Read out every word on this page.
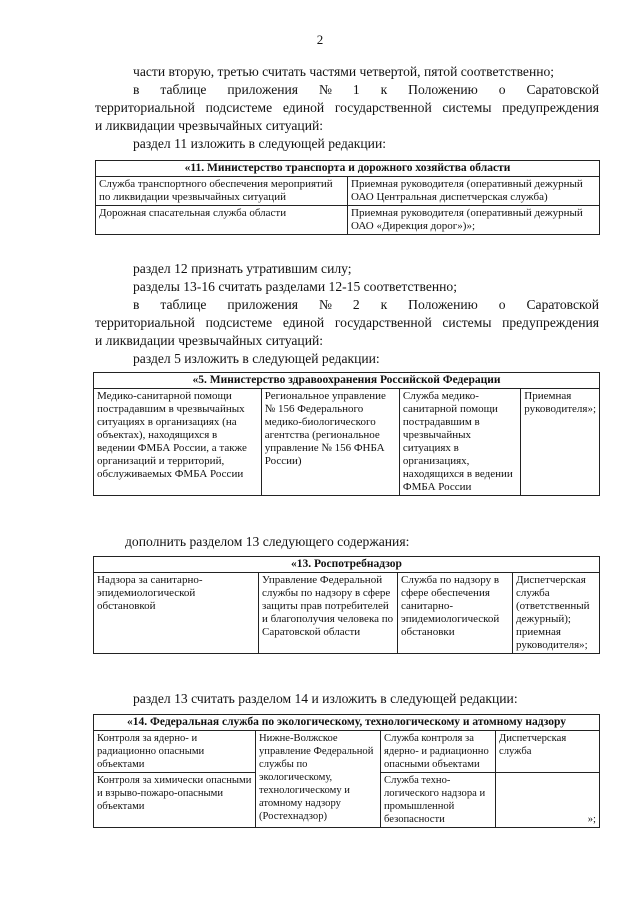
2

части вторую, третью считать частями четвертой, пятой соответственно;

в таблице приложения № 1 к Положению о Саратовской

территориальной подсистеме единой государственной системы предупреждения

и ликвидации чрезвычайных ситуаций:

раздел 11 изложить в следующей редакции:

«11. Министерство транспорта и дорожного хозяйства области	
Служба транспортного обеспечения мероприятий по ликвидации чрезвычайных ситуаций	Приемная руководителя (оперативный дежурный ОАО Центральная диспетчерская служба)
Дорожная спасательная служба области	Приемная руководителя (оперативный дежурный ОАО «Дирекция дорог»)»;

раздел 12 признать утратившим силу;

разделы 13-16 считать разделами 12-15 соответственно;

в таблице приложения № 2 к Положению о Саратовской

территориальной подсистеме единой государственной системы предупреждения

и ликвидации чрезвычайных ситуаций:

раздел 5 изложить в следующей редакции:

«5. Министерство здравоохранения Российской Федерации
Медико-санитарной помощи пострадавшим в чрезвычайных ситуациях в организациях (на объектах), находящихся в ведении ФМБА России, а также организаций и территорий, обслуживаемых ФМБА России	Региональное управление № 156 Федерального медико-биологического агентства (региональное управление № 156 ФНБА России)	Служба медико-санитарной помощи пострадавшим в чрезвычайных ситуациях в организациях, находящихся в ведении ФМБА России	Приемная руководителя»;

дополнить разделом 13 следующего содержания:

«13. Роспотребнадзор
Надзора за санитарно-эпидемиологической обстановкой	Управление Федеральной службы по надзору в сфере защиты прав потребителей и благополучия человека по Саратовской области	Служба по надзору в сфере обеспечения санитарно-эпидемиологической обстановки	Диспетчерская служба (ответственный дежурный); приемная руководителя»;

раздел 13 считать разделом 14 и изложить в следующей редакции:

«14. Федеральная служба по экологическому, технологическому и атомному надзору			
Контроля за ядерно- и радиационно опасными объектами	Нижне-Волжское управление Федеральной службы по экологическому, технологическому и атомному надзору (Ростехнадзор)	Служба контроля за ядерно- и радиационно опасными объектами	Диспетчерская служба
Контроля за химически опасными и взрыво-пожаро-опасными объектами		Служба техно-логического надзора и промышленной безопасности	»;
